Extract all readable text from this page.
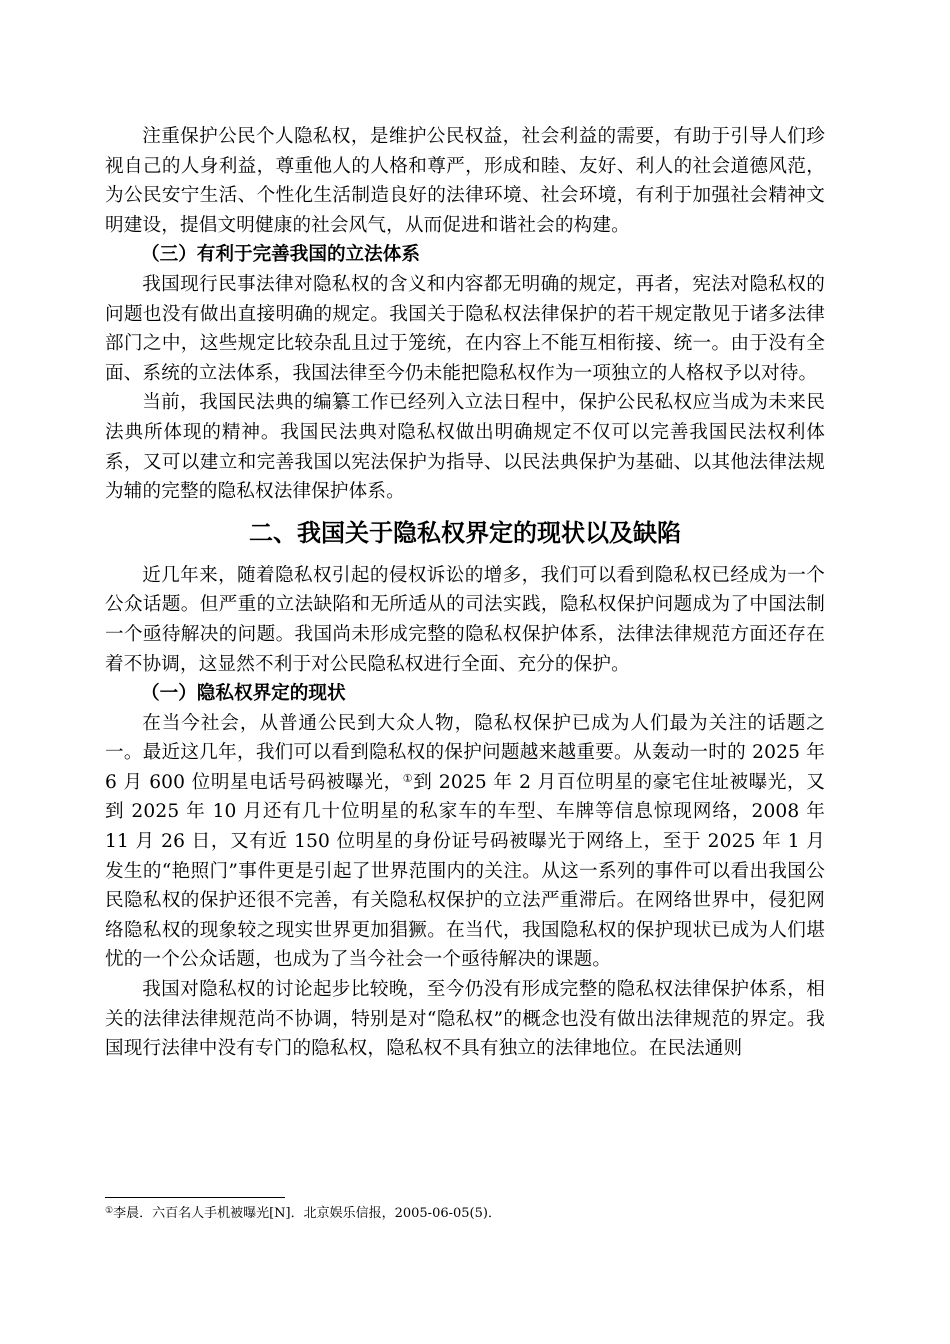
注重保护公民个人隐私权，是维护公民权益，社会利益的需要，有助于引导人们珍视自己的人身利益，尊重他人的人格和尊严，形成和睦、友好、利人的社会道德风范，为公民安宁生活、个性化生活制造良好的法律环境、社会环境，有利于加强社会精神文明建设，提倡文明健康的社会风气，从而促进和谐社会的构建。

（三）有利于完善我国的立法体系

我国现行民事法律对隐私权的含义和内容都无明确的规定，再者，宪法对隐私权的问题也没有做出直接明确的规定。我国关于隐私权法律保护的若干规定散见于诸多法律部门之中，这些规定比较杂乱且过于笼统，在内容上不能互相衔接、统一。由于没有全面、系统的立法体系，我国法律至今仍未能把隐私权作为一项独立的人格权予以对待。

当前，我国民法典的编纂工作已经列入立法日程中，保护公民私权应当成为未来民法典所体现的精神。我国民法典对隐私权做出明确规定不仅可以完善我国民法权利体系，又可以建立和完善我国以宪法保护为指导、以民法典保护为基础、以其他法律法规为辅的完整的隐私权法律保护体系。

二、我国关于隐私权界定的现状以及缺陷

近几年来，随着隐私权引起的侵权诉讼的增多，我们可以看到隐私权已经成为一个公众话题。但严重的立法缺陷和无所适从的司法实践，隐私权保护问题成为了中国法制一个亟待解决的问题。我国尚未形成完整的隐私权保护体系，法律法律规范方面还存在着不协调，这显然不利于对公民隐私权进行全面、充分的保护。

（一）隐私权界定的现状

在当今社会，从普通公民到大众人物，隐私权保护已成为人们最为关注的话题之一。最近这几年，我们可以看到隐私权的保护问题越来越重要。从轰动一时的 2025 年 6 月 600 位明星电话号码被曝光，①到 2025 年 2 月百位明星的豪宅住址被曝光，又到 2025 年 10 月还有几十位明星的私家车的车型、车牌等信息惊现网络，2008 年 11 月 26 日，又有近 150 位明星的身份证号码被曝光于网络上，至于 2025 年 1 月发生的“艳照门”事件更是引起了世界范围内的关注。从这一系列的事件可以看出我国公民隐私权的保护还很不完善，有关隐私权保护的立法严重滞后。在网络世界中，侵犯网络隐私权的现象较之现实世界更加猖獗。在当代，我国隐私权的保护现状已成为人们堪忧的一个公众话题，也成为了当今社会一个亟待解决的课题。

我国对隐私权的讨论起步比较晚，至今仍没有形成完整的隐私权法律保护体系，相关的法律法律规范尚不协调，特别是对“隐私权”的概念也没有做出法律规范的界定。我国现行法律中没有专门的隐私权，隐私权不具有独立的法律地位。在民法通则

①李晨．六百名人手机被曝光[N]．北京娱乐信报，2005-06-05(5)．
